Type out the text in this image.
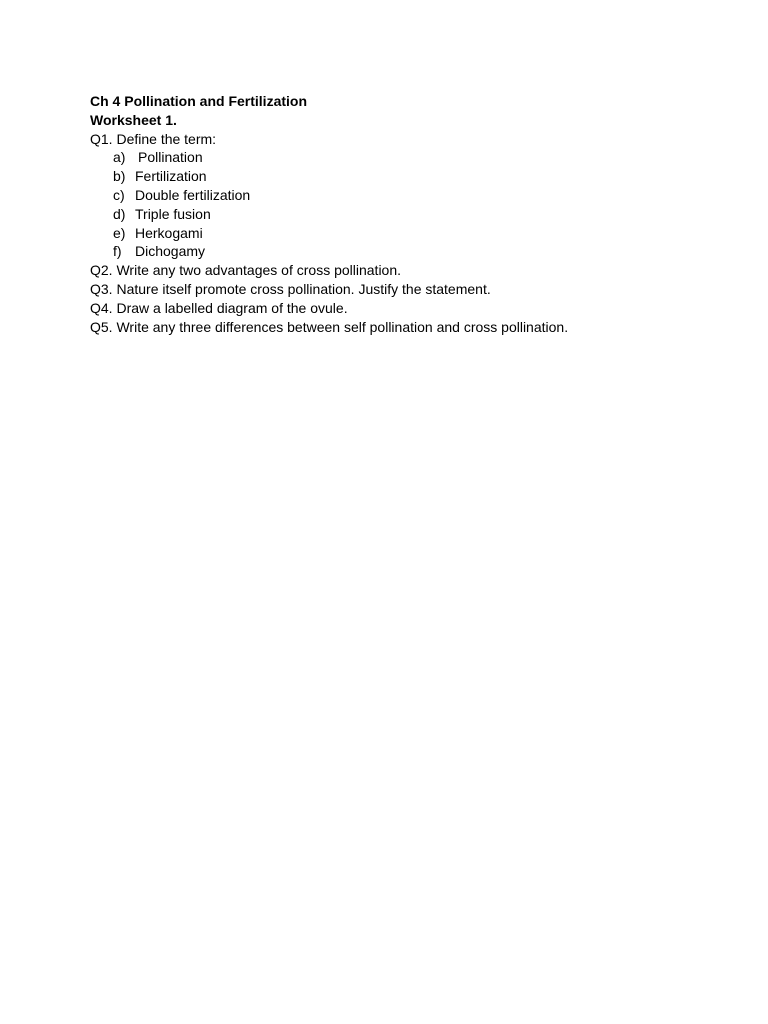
Ch 4 Pollination and Fertilization
Worksheet 1.
Q1. Define the term:
a) Pollination
b) Fertilization
c) Double fertilization
d) Triple fusion
e) Herkogami
f) Dichogamy
Q2. Write any two advantages of cross pollination.
Q3. Nature itself promote cross pollination. Justify the statement.
Q4. Draw a labelled diagram of the ovule.
Q5. Write any three differences between self pollination and cross pollination.
